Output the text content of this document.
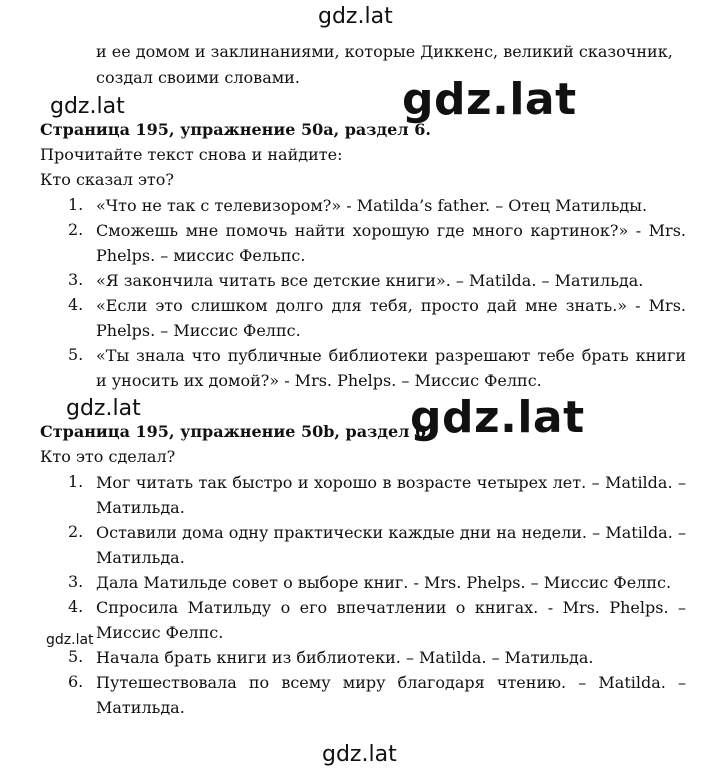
gdz.lat
и ее домом и заклинаниями, которые Диккенс, великий сказочник,
создал своими словами.
gdz.lat	gdz.lat
Страница 195, упражнение 50а, раздел 6.
Прочитайте текст снова и найдите:
Кто сказал это?
1. «Что не так с телевизором?» - Matilda’s father. – Отец Матильды.
2. Сможешь мне помочь найти хорошую где много картинок?» - Mrs. Phelps. – миссис Фельпс.
3. «Я закончила читать все детские книги». – Matilda. – Матильда.
4. «Если это слишком долго для тебя, просто дай мне знать.» - Mrs. Phelps. – Миссис Фелпс.
5. «Ты знала что публичные библиотеки разрешают тебе брать книги и уносить их домой?» - Mrs. Phelps. – Миссис Фелпс.
gdz.lat
Страница 195, упражнение 50b, раздел 6.
gdz.lat
Кто это сделал?
1. Мог читать так быстро и хорошо в возрасте четырех лет. – Matilda. – Матильда.
2. Оставили дома одну практически каждые дни на недели. – Matilda. – Матильда.
3. Дала Матильде совет о выборе книг. - Mrs. Phelps. – Миссис Фелпс.
4. Спросила Матильду о его впечатлении о книгах. - Mrs. Phelps. – Миссис Фелпс.
5. Начала брать книги из библиотеки. – Matilda. – Матильда.
6. Путешествовала по всему миру благодаря чтению. – Matilda. – Матильда.
gdz.lat
gdz.lat
